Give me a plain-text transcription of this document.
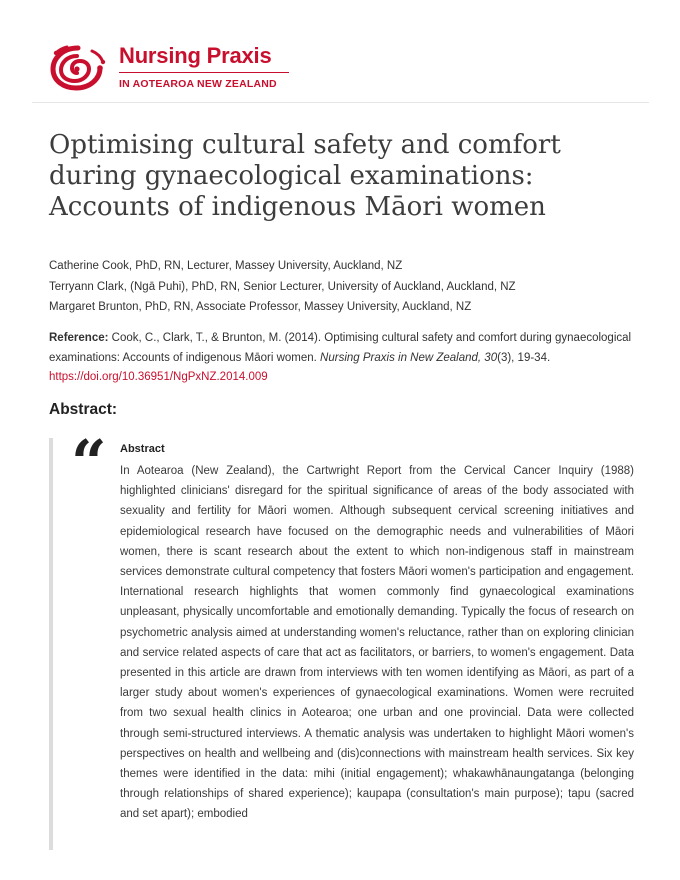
Nursing Praxis
IN AOTEAROA NEW ZEALAND
Optimising cultural safety and comfort
during gynaecological examinations:
Accounts of indigenous Māori women
Catherine Cook, PhD, RN, Lecturer, Massey University, Auckland, NZ
Terryann Clark, (Ngā Puhi), PhD, RN, Senior Lecturer, University of Auckland, Auckland, NZ
Margaret Brunton, PhD, RN, Associate Professor, Massey University, Auckland, NZ

Reference: Cook, C., Clark, T., & Brunton, M. (2014). Optimising cultural safety and comfort during gynaecological examinations: Accounts of indigenous Māori women. Nursing Praxis in New Zealand, 30(3), 19-34. https://doi.org/10.36951/NgPxNZ.2014.009

Abstract:
“ Abstract

In Aotearoa (New Zealand), the Cartwright Report from the Cervical Cancer Inquiry (1988) highlighted clinicians' disregard for the spiritual significance of areas of the body associated with sexuality and fertility for Māori women. Although subsequent cervical screening initiatives and epidemiological research have focused on the demographic needs and vulnerabilities of Māori women, there is scant research about the extent to which non-indigenous staff in mainstream services demonstrate cultural competency that fosters Māori women's participation and engagement. International research highlights that women commonly find gynaecological examinations unpleasant, physically uncomfortable and emotionally demanding. Typically the focus of research on psychometric analysis aimed at understanding women's reluctance, rather than on exploring clinician and service related aspects of care that act as facilitators, or barriers, to women's engagement. Data presented in this article are drawn from interviews with ten women identifying as Māori, as part of a larger study about women's experiences of gynaecological examinations. Women were recruited from two sexual health clinics in Aotearoa; one urban and one provincial. Data were collected through semi-structured interviews. A thematic analysis was undertaken to highlight Māori women's perspectives on health and wellbeing and (dis)connections with mainstream health services. Six key themes were identified in the data: mihi (initial engagement); whakawhānaungatanga (belonging through relationships of shared experience); kaupapa (consultation's main purpose); tapu (sacred and set apart); embodied
